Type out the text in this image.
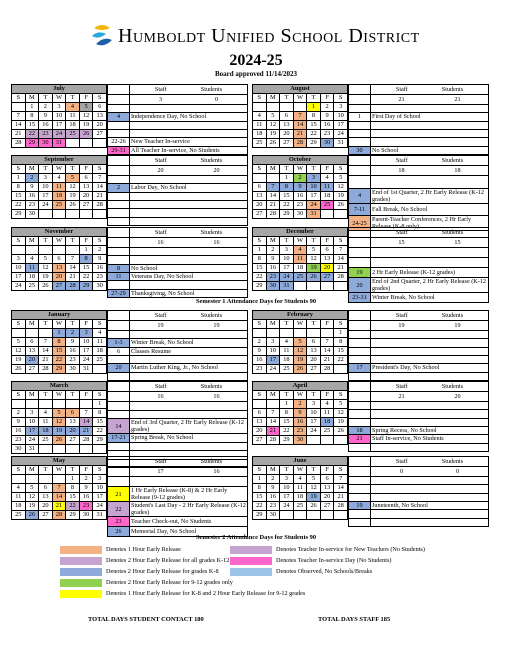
Humboldt Unified School District
2024-25
Board approved 11/14/2023
July						
S	M	T	W	T	F	S
	1	2	3	4	5	6
7	8	9	10	11	12	13
14	15	16	17	18	19	20
21	22	23	24	25	26	27
28	29	30	31			
	Staff Students
	3 0

4	Independence Day, No School

22-26	New Teacher In-service
29-31	All Teacher In-service, No Students
August						
S	M	T	W	T	F	S
				1	2	3
4	5	6	7	8	9	10
11	12	13	14	15	16	17
18	19	20	21	22	23	24
25	26	27	28	29	30	31
	Staff Students
	21 21

1	First Day of School

30	No School
September						
S	M	T	W	T	F	S
1	2	3	4	5	6	7
8	9	10	11	12	13	14
15	16	17	18	19	20	21
22	23	24	25	26	27	28
29	30					
	Staff Students
	20 20

2	Labor Day, No School

October						
S	M	T	W	T	F	S
		1	2	3	4	5
6	7	8	9	10	11	12
13	14	15	16	17	18	19
20	21	22	23	24	25	26
27	28	29	30	31		
	Staff Students
	18 18

4	End of 1st Quarter, 2 Hr Early Release (K-12 grades)
7-11	Fall Break, No School
24-25	Parent-Teacher Conferences, 2 Hr Early Release (K-8 only)
November						
S	M	T	W	T	F	S
					1	2
3	4	5	6	7	8	9
10	11	12	13	14	15	16
17	18	19	20	21	22	23
24	25	26	27	28	29	30
	Staff Students
	16 16

8	No School
11	Veterans Day, No School

27-29	Thanksgiving, No School
December						
S	M	T	W	T	F	S
1	2	3	4	5	6	7
8	9	10	11	12	13	14
15	16	17	18	19	20	21
22	23	24	25	26	27	28
29	30	31				
	Staff Students
	15 15

19	2 Hr Early Release (K-12 grades)
20	End of 2nd Quarter, 2 Hr Early Release (K-12 grades)
23-31	Winter Break, No School
Semester 1 Attendance Days for Students 90
January						
S	M	T	W	T	F	S
			1	2	3	4
5	6	7	8	9	10	11
12	13	14	15	16	17	18
19	20	21	22	23	24	25
26	27	28	29	30	31	
	Staff Students
	19 19

1-3	Winter Break, No School
6	Classes Resume

20	Martin Luther King, Jr., No School

February						
S	M	T	W	T	F	S
						1
2	3	4	5	6	7	8
9	10	11	12	13	14	15
16	17	18	19	20	21	22
23	24	25	26	27	28	
	Staff Students
	19 19

17	President's Day, No School

March						
S	M	T	W	T	F	S
						1
2	3	4	5	6	7	8
9	10	11	12	13	14	15
16	17	18	19	20	21	22
23	24	25	26	27	28	29
30	31					
	Staff Students
	16 16

14	End of 3rd Quarter, 2 Hr Early Release (K-12 grades)
17-21	Spring Break, No School

April						
S	M	T	W	T	F	S
		1	2	3	4	5
6	7	8	9	10	11	12
13	14	15	16	17	18	19
20	21	22	23	24	25	26
27	28	29	30			
	Staff Students
	21 20

18	Spring Recess, No School
21	Staff In-service, No Students

May						
S	M	T	W	T	F	S
				1	2	3
4	5	6	7	8	9	10
11	12	13	14	15	16	17
18	19	20	21	22	23	24
25	26	27	28	29	30	31
	Staff Students
	17 16

21	1 Hr Early Release (K-8) & 2 Hr Early Release (9-12 grades)
22	Student's Last Day - 2 Hr Early Release (K-12 grades)
23	Teacher Check-out, No Students
26	Memorial Day, No School
June						
S	M	T	W	T	F	S
1	2	3	4	5	6	7
8	9	10	11	12	13	14
15	16	17	18	19	20	21
22	23	24	25	26	27	28
29	30					
	Staff Students
	0 0

19	Juneteenth, No School

Semester 2 Attendance Days for Students 90
Denotes 1 Hour Early Release
Denotes 2 Hour Early Release for all grades K-12
Denotes 2 Hour Early Release for grades K-8
Denotes 2 Hour Early Release for 9-12 grades only
Denotes 1 Hour Early Release for K-8 and 2 Hour Early Release for 9-12 grades
Denotes Teacher In-service for New Teachers (No Students)
Denotes Teacher In-service Day (No Students)
Denotes Observed, No Schools/Breaks
TOTAL DAYS STUDENT CONTACT 180	TOTAL DAYS STAFF 185
